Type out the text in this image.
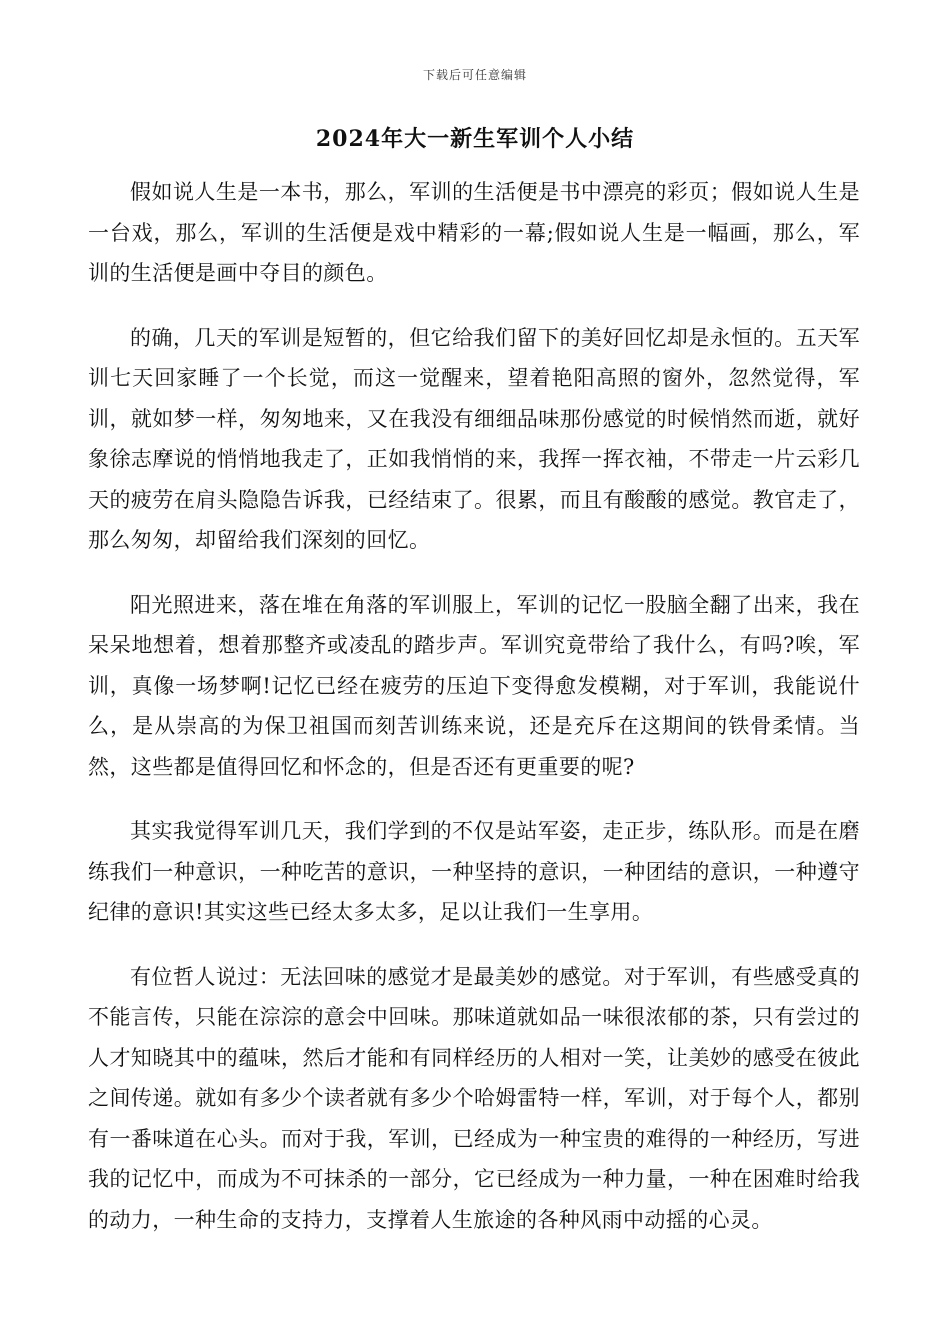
下载后可任意编辑
2024年大一新生军训个人小结

假如说人生是一本书，那么，军训的生活便是书中漂亮的彩页；假如说人生是一台戏，那么，军训的生活便是戏中精彩的一幕;假如说人生是一幅画，那么，军训的生活便是画中夺目的颜色。

的确，几天的军训是短暂的，但它给我们留下的美好回忆却是永恒的。五天军训七天回家睡了一个长觉，而这一觉醒来，望着艳阳高照的窗外，忽然觉得，军训，就如梦一样，匆匆地来，又在我没有细细品味那份感觉的时候悄然而逝，就好象徐志摩说的悄悄地我走了，正如我悄悄的来，我挥一挥衣袖，不带走一片云彩几天的疲劳在肩头隐隐告诉我，已经结束了。很累，而且有酸酸的感觉。教官走了，那么匆匆，却留给我们深刻的回忆。

阳光照进来，落在堆在角落的军训服上，军训的记忆一股脑全翻了出来，我在呆呆地想着，想着那整齐或凌乱的踏步声。军训究竟带给了我什么，有吗?唉，军训，真像一场梦啊!记忆已经在疲劳的压迫下变得愈发模糊，对于军训，我能说什么，是从崇高的为保卫祖国而刻苦训练来说，还是充斥在这期间的铁骨柔情。当然，这些都是值得回忆和怀念的，但是否还有更重要的呢?

其实我觉得军训几天，我们学到的不仅是站军姿，走正步，练队形。而是在磨练我们一种意识，一种吃苦的意识，一种坚持的意识，一种团结的意识，一种遵守纪律的意识!其实这些已经太多太多，足以让我们一生享用。

有位哲人说过：无法回味的感觉才是最美妙的感觉。对于军训，有些感受真的不能言传，只能在淙淙的意会中回味。那味道就如品一味很浓郁的茶，只有尝过的人才知晓其中的蕴味，然后才能和有同样经历的人相对一笑，让美妙的感受在彼此之间传递。就如有多少个读者就有多少个哈姆雷特一样，军训，对于每个人，都别有一番味道在心头。而对于我，军训，已经成为一种宝贵的难得的一种经历，写进我的记忆中，而成为不可抹杀的一部分，它已经成为一种力量，一种在困难时给我的动力，一种生命的支持力，支撑着人生旅途的各种风雨中动摇的心灵。
